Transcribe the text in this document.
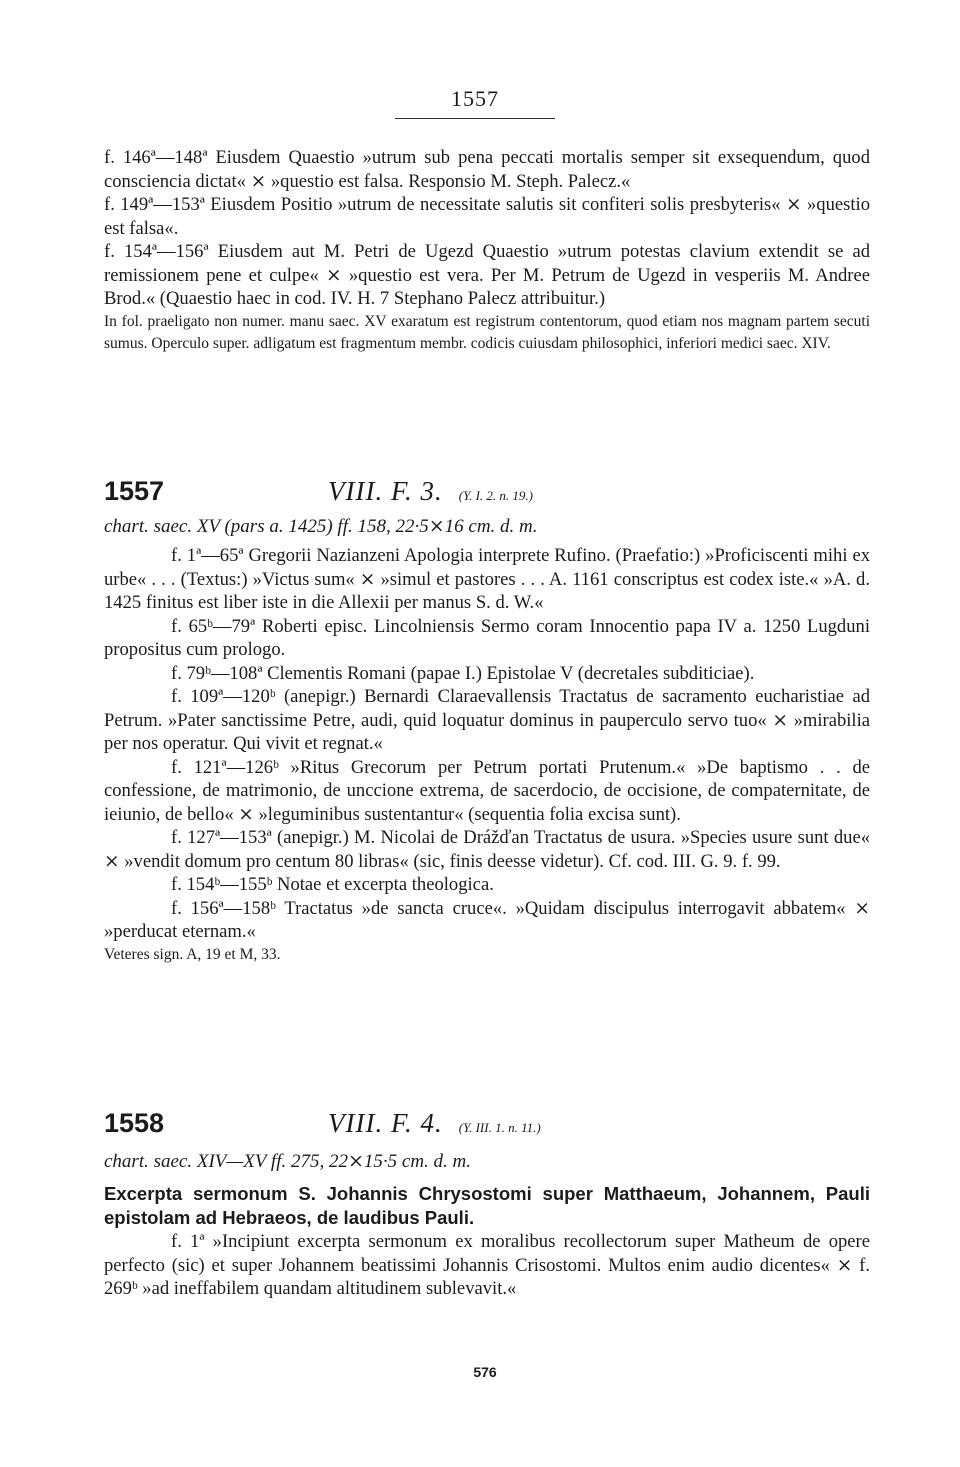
1557

f. 146ª—148ª Eiusdem Quaestio »utrum sub pena peccati mortalis semper sit exsequendum, quod consciencia dictat« ⨯ »questio est falsa. Responsio M. Steph. Palecz.«

f. 149ª—153ª Eiusdem Positio »utrum de necessitate salutis sit confiteri solis presbyteris« ⨯ »questio est falsa«.

f. 154ª—156ª Eiusdem aut M. Petri de Ugezd Quaestio »utrum potestas clavium extendit se ad remissionem pene et culpe« ⨯ »questio est vera. Per M. Petrum de Ugezd in vesperiis M. Andree Brod.« (Quaestio haec in cod. IV. H. 7 Stephano Palecz attribuitur.)

In fol. praeligato non numer. manu saec. XV exaratum est registrum contentorum, quod etiam nos magnam partem secuti sumus. Operculo super. adligatum est fragmentum membr. codicis cuiusdam philosophici, inferiori medici saec. XIV.

1557	VIII. F. 3. (Y. I. 2. n. 19.)
chart. saec. XV (pars a. 1425) ff. 158, 22·5⨯16 cm. d. m.

f. 1ª—65ª Gregorii Nazianzeni Apologia interprete Rufino. (Praefatio:) »Proficiscenti mihi ex urbe« . . . (Textus:) »Victus sum« ⨯ »simul et pastores . . . A. 1161 conscriptus est codex iste.« »A. d. 1425 finitus est liber iste in die Allexii per manus S. d. W.«

f. 65ᵇ—79ª Roberti episc. Lincolniensis Sermo coram Innocentio papa IV a. 1250 Lugduni propositus cum prologo.

f. 79ᵇ—108ª Clementis Romani (papae I.) Epistolae V (decretales subditiciae).

f. 109ª—120ᵇ (anepigr.) Bernardi Claraevallensis Tractatus de sacramento eucharistiae ad Petrum. »Pater sanctissime Petre, audi, quid loquatur dominus in pauperculo servo tuo« ⨯ »mirabilia per nos operatur. Qui vivit et regnat.«

f. 121ª—126ᵇ »Ritus Grecorum per Petrum portati Prutenum.« »De baptismo . . de confessione, de matrimonio, de unccione extrema, de sacerdocio, de occisione, de compaternitate, de ieiunio, de bello« ⨯ »leguminibus sustentantur« (sequentia folia excisa sunt).

f. 127ª—153ª (anepigr.) M. Nicolai de Drážďan Tractatus de usura. »Species usure sunt due« ⨯ »vendit domum pro centum 80 libras« (sic, finis deesse videtur). Cf. cod. III. G. 9. f. 99.

f. 154ᵇ—155ᵇ Notae et excerpta theologica.

f. 156ª—158ᵇ Tractatus »de sancta cruce«. »Quidam discipulus interrogavit abbatem« ⨯ »perducat eternam.«

Veteres sign. A, 19 et M, 33.

1558	VIII. F. 4. (Y. III. 1. n. 11.)
chart. saec. XIV—XV ff. 275, 22⨯15·5 cm. d. m.

Excerpta sermonum S. Johannis Chrysostomi super Matthaeum, Johannem, Pauli epistolam ad Hebraeos, de laudibus Pauli.

f. 1ª »Incipiunt excerpta sermonum ex moralibus recollectorum super Matheum de opere perfecto (sic) et super Johannem beatissimi Johannis Crisostomi. Multos enim audio dicentes« ⨯ f. 269ᵇ »ad ineffabilem quandam altitudinem sublevavit.«

576
